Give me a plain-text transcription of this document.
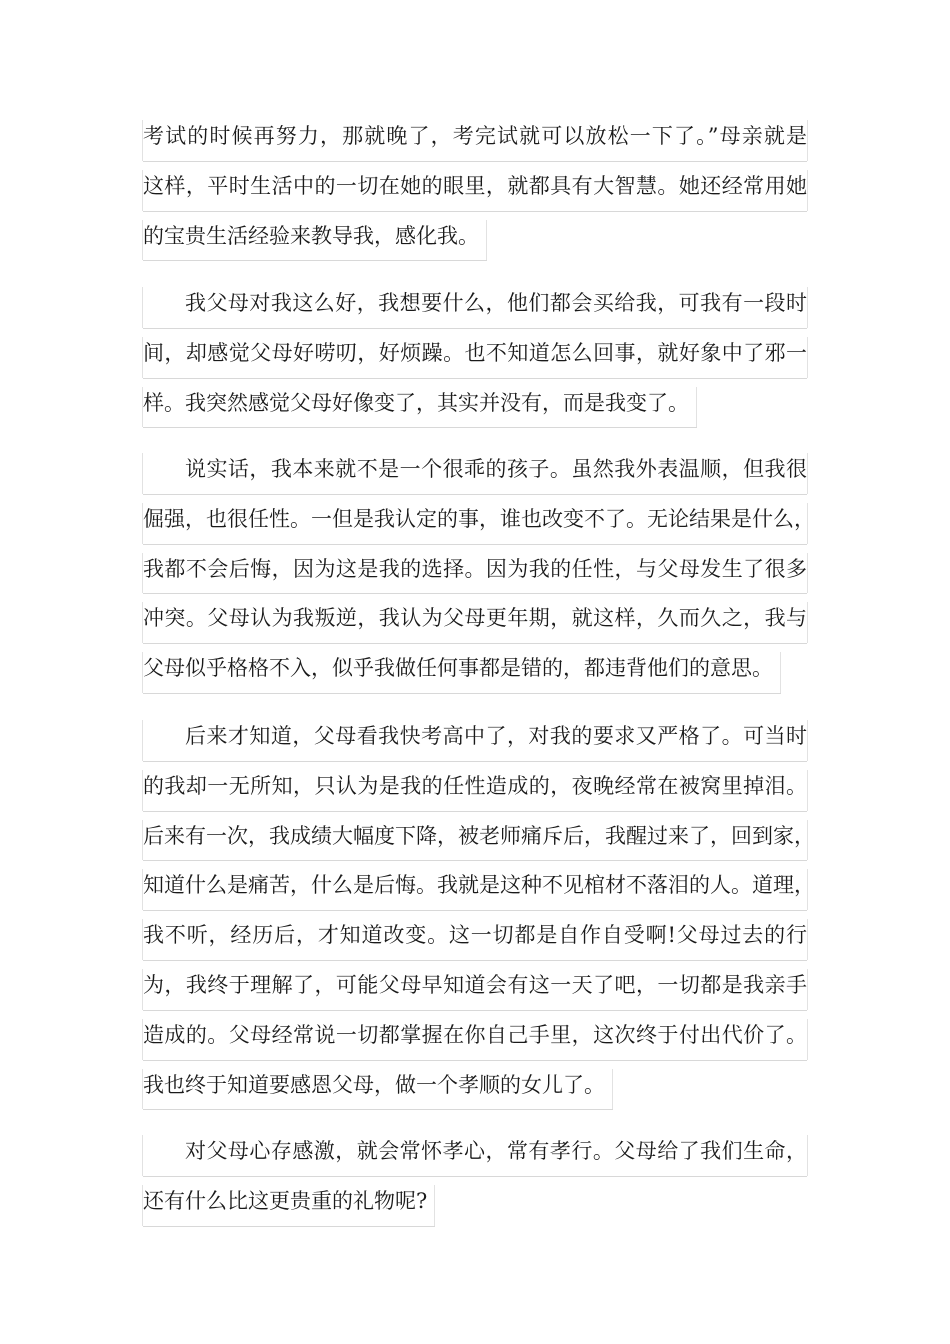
考试的时候再努力，那就晚了，考完试就可以放松一下了。”母亲就是
这样，平时生活中的一切在她的眼里，就都具有大智慧。她还经常用她
的宝贵生活经验来教导我，感化我。
我父母对我这么好，我想要什么，他们都会买给我，可我有一段时
间，却感觉父母好唠叨，好烦躁。也不知道怎么回事，就好象中了邪一
样。我突然感觉父母好像变了，其实并没有，而是我变了。
说实话，我本来就不是一个很乖的孩子。虽然我外表温顺，但我很
倔强，也很任性。一但是我认定的事，谁也改变不了。无论结果是什么，
我都不会后悔，因为这是我的选择。因为我的任性，与父母发生了很多
冲突。父母认为我叛逆，我认为父母更年期，就这样，久而久之，我与
父母似乎格格不入，似乎我做任何事都是错的，都违背他们的意思。
后来才知道，父母看我快考高中了，对我的要求又严格了。可当时
的我却一无所知，只认为是我的任性造成的，夜晚经常在被窝里掉泪。
后来有一次，我成绩大幅度下降，被老师痛斥后，我醒过来了，回到家，
知道什么是痛苦，什么是后悔。我就是这种不见棺材不落泪的人。道理，
我不听，经历后，才知道改变。这一切都是自作自受啊!父母过去的行
为，我终于理解了，可能父母早知道会有这一天了吧，一切都是我亲手
造成的。父母经常说一切都掌握在你自己手里，这次终于付出代价了。
我也终于知道要感恩父母，做一个孝顺的女儿了。
对父母心存感激，就会常怀孝心，常有孝行。父母给了我们生命，
还有什么比这更贵重的礼物呢?
